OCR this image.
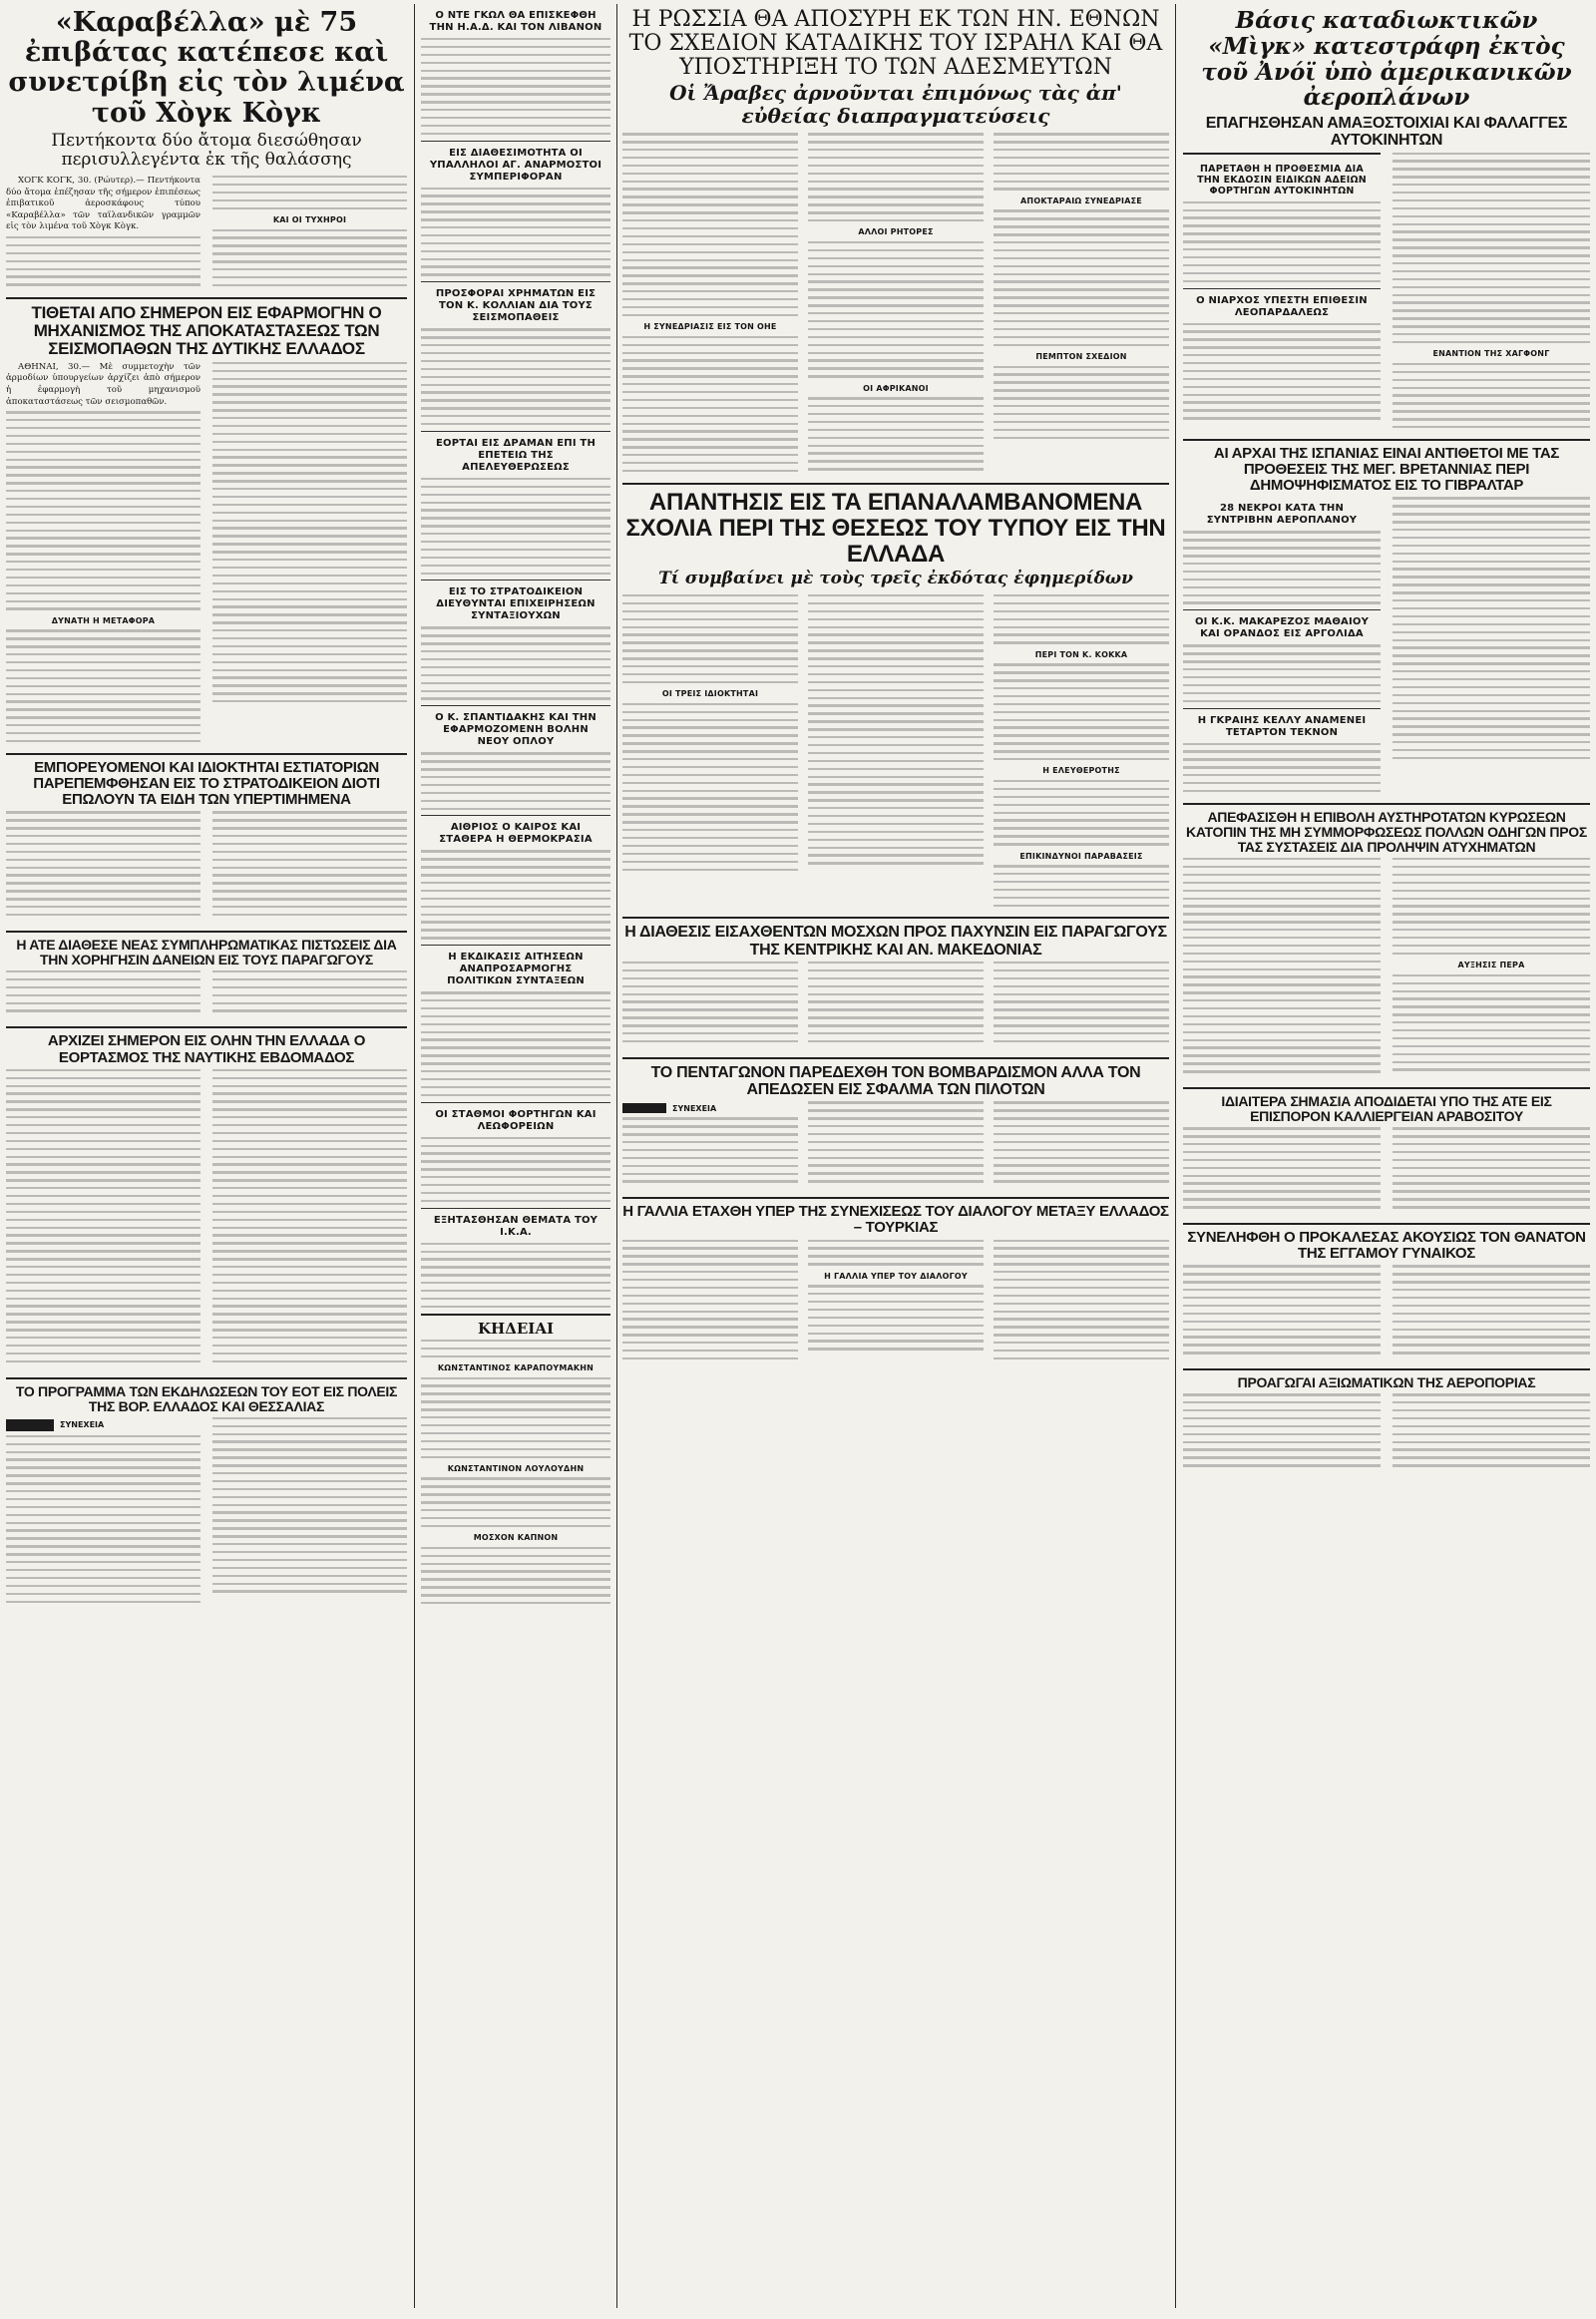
«Καραβέλλα» μὲ 75 ἐπιβάτας κατέπεσε καὶ συνετρίβη εἰς τὸν λιμένα τοῦ Χὸγκ Κὸγκ
Πεντήκοντα δύο ἄτομα διεσώθησαν περισυλλεγέντα ἐκ τῆς θαλάσσης

ΧΟΓΚ ΚΟΓΚ, 30. (Ρώυτερ).— Πεντήκοντα δύο ἄτομα ἐπέζησαν τῆς σήμερον ἐπιπέσεως ἐπιβατικοῦ ἀεροσκάφους τύπου «Καραβέλλα» τῶν ταϊλανδικῶν γραμμῶν εἰς τὸν λιμένα τοῦ Χὸγκ Κὸγκ.

ΚΑΙ ΟΙ ΤΥΧΗΡΟΙ
ΤΙΘΕΤΑΙ ΑΠΟ ΣΗΜΕΡΟΝ ΕΙΣ ΕΦΑΡΜΟΓΗΝ Ο ΜΗΧΑΝΙΣΜΟΣ ΤΗΣ ΑΠΟΚΑΤΑΣΤΑΣΕΩΣ ΤΩΝ ΣΕΙΣΜΟΠΑΘΩΝ ΤΗΣ ΔΥΤΙΚΗΣ ΕΛΛΑΔΟΣ

ΑΘΗΝΑΙ, 30.— Μὲ συμμετοχὴν τῶν ἁρμοδίων ὑπουργείων ἀρχίζει ἀπὸ σήμερον ἡ ἐφαρμογὴ τοῦ μηχανισμοῦ ἀποκαταστάσεως τῶν σεισμοπαθῶν.

ΔΥΝΑΤΗ Η ΜΕΤΑΦΟΡΑ
ΕΜΠΟΡΕΥΟΜΕΝΟΙ ΚΑΙ ΙΔΙΟΚΤΗΤΑΙ ΕΣΤΙΑΤΟΡΙΩΝ ΠΑΡΕΠΕΜΦΘΗΣΑΝ ΕΙΣ ΤΟ ΣΤΡΑΤΟΔΙΚΕΙΟΝ ΔΙΟΤΙ ΕΠΩΛΟΥΝ ΤΑ ΕΙΔΗ ΤΩΝ ΥΠΕΡΤΙΜΗΜΕΝΑ
Η ΑΤΕ ΔΙΑΘΕΣΕ ΝΕΑΣ ΣΥΜΠΛΗΡΩΜΑΤΙΚΑΣ ΠΙΣΤΩΣΕΙΣ ΔΙΑ ΤΗΝ ΧΟΡΗΓΗΣΙΝ ΔΑΝΕΙΩΝ ΕΙΣ ΤΟΥΣ ΠΑΡΑΓΩΓΟΥΣ
ΑΡΧΙΖΕΙ ΣΗΜΕΡΟΝ ΕΙΣ ΟΛΗΝ ΤΗΝ ΕΛΛΑΔΑ Ο ΕΟΡΤΑΣΜΟΣ ΤΗΣ ΝΑΥΤΙΚΗΣ ΕΒΔΟΜΑΔΟΣ
ΤΟ ΠΡΟΓΡΑΜΜΑ ΤΩΝ ΕΚΔΗΛΩΣΕΩΝ ΤΟΥ ΕΟΤ ΕΙΣ ΠΟΛΕΙΣ ΤΗΣ ΒΟΡ. ΕΛΛΑΔΟΣ ΚΑΙ ΘΕΣΣΑΛΙΑΣ
ΣΥΝΕΧΕΙΑ
Ο ΝΤΕ ΓΚΩΛ ΘΑ ΕΠΙΣΚΕΦΘΗ ΤΗΝ Η.Α.Δ. ΚΑΙ ΤΟΝ ΛΙΒΑΝΟΝ
ΕΙΣ ΔΙΑΘΕΣΙΜΟΤΗΤΑ ΟΙ ΥΠΑΛΛΗΛΟΙ ΑΓ. ΑΝΑΡΜΟΣΤΟΙ ΣΥΜΠΕΡΙΦΟΡΑΝ
ΠΡΟΣΦΟΡΑΙ ΧΡΗΜΑΤΩΝ ΕΙΣ ΤΟΝ Κ. ΚΟΛΛΙΑΝ ΔΙΑ ΤΟΥΣ ΣΕΙΣΜΟΠΑΘΕΙΣ
ΕΟΡΤΑΙ ΕΙΣ ΔΡΑΜΑΝ ΕΠΙ ΤΗ ΕΠΕΤΕΙΩ ΤΗΣ ΑΠΕΛΕΥΘΕΡΩΣΕΩΣ
ΕΙΣ ΤΟ ΣΤΡΑΤΟΔΙΚΕΙΟΝ ΔΙΕΥΘΥΝΤΑΙ ΕΠΙΧΕΙΡΗΣΕΩΝ ΣΥΝΤΑΞΙΟΥΧΩΝ
Ο Κ. ΣΠΑΝΤΙΔΑΚΗΣ ΚΑΙ ΤΗΝ ΕΦΑΡΜΟΖΟΜΕΝΗ ΒΟΛΗΝ ΝΕΟΥ ΟΠΛΟΥ
ΑΙΘΡΙΟΣ Ο ΚΑΙΡΟΣ ΚΑΙ ΣΤΑΘΕΡΑ Η ΘΕΡΜΟΚΡΑΣΙΑ
Η ΕΚΔΙΚΑΣΙΣ ΑΙΤΗΣΕΩΝ ΑΝΑΠΡΟΣΑΡΜΟΓΗΣ ΠΟΛΙΤΙΚΩΝ ΣΥΝΤΑΞΕΩΝ
ΟΙ ΣΤΑΘΜΟΙ ΦΟΡΤΗΓΩΝ ΚΑΙ ΛΕΩΦΟΡΕΙΩΝ
ΕΞΗΤΑΣΘΗΣΑΝ ΘΕΜΑΤΑ ΤΟΥ Ι.Κ.Α.
ΚΗΔΕΙΑΙ
ΚΩΝΣΤΑΝΤΙΝΟΣ ΚΑΡΑΠΟΥΜΑΚΗΝ
ΚΩΝΣΤΑΝΤΙΝΟΝ ΛΟΥΛΟΥΔΗΝ
ΜΟΣΧΟΝ ΚΑΠΝΟΝ
Η ΡΩΣΣΙΑ ΘΑ ΑΠΟΣΥΡΗ ΕΚ ΤΩΝ ΗΝ. ΕΘΝΩΝ ΤΟ ΣΧΕΔΙΟΝ ΚΑΤΑΔΙΚΗΣ ΤΟΥ ΙΣΡΑΗΛ ΚΑΙ ΘΑ ΥΠΟΣΤΗΡΙΞΗ ΤΟ ΤΩΝ ΑΔΕΣΜΕΥΤΩΝ
Οἱ Ἄραβες ἀρνοῦνται ἐπιμόνως τὰς ἀπ' εὐθείας διαπραγματεύσεις
Η ΣΥΝΕΔΡΙΑΣΙΣ ΕΙΣ ΤΟΝ ΟΗΕ
ΑΛΛΟΙ ΡΗΤΟΡΕΣ
ΟΙ ΑΦΡΙΚΑΝΟΙ
ΑΠΟΚΤΑΡΑΙΩ ΣΥΝΕΔΡΙΑΣΕ
ΠΕΜΠΤΟΝ ΣΧΕΔΙΟΝ
ΑΠΑΝΤΗΣΙΣ ΕΙΣ ΤΑ ΕΠΑΝΑΛΑΜΒΑΝΟΜΕΝΑ ΣΧΟΛΙΑ ΠΕΡΙ ΤΗΣ ΘΕΣΕΩΣ ΤΟΥ ΤΥΠΟΥ ΕΙΣ ΤΗΝ ΕΛΛΑΔΑ
Τί συμβαίνει μὲ τοὺς τρεῖς ἐκδότας ἐφημερίδων
ΟΙ ΤΡΕΙΣ ΙΔΙΟΚΤΗΤΑΙ
ΠΕΡΙ ΤΟΝ Κ. ΚΟΚΚΑ
Η ΕΛΕΥΘΕΡΟΤΗΣ
ΕΠΙΚΙΝΔΥΝΟΙ ΠΑΡΑΒΑΣΕΙΣ
Η ΔΙΑΘΕΣΙΣ ΕΙΣΑΧΘΕΝΤΩΝ ΜΟΣΧΩΝ ΠΡΟΣ ΠΑΧΥΝΣΙΝ ΕΙΣ ΠΑΡΑΓΩΓΟΥΣ ΤΗΣ ΚΕΝΤΡΙΚΗΣ ΚΑΙ ΑΝ. ΜΑΚΕΔΟΝΙΑΣ
ΤΟ ΠΕΝΤΑΓΩΝΟΝ ΠΑΡΕΔΕΧΘΗ ΤΟΝ ΒΟΜΒΑΡΔΙΣΜΟΝ ΑΛΛΑ ΤΟΝ ΑΠΕΔΩΣΕΝ ΕΙΣ ΣΦΑΛΜΑ ΤΩΝ ΠΙΛΟΤΩΝ
ΣΥΝΕΧΕΙΑ
Η ΓΑΛΛΙΑ ΕΤΑΧΘΗ ΥΠΕΡ ΤΗΣ ΣΥΝΕΧΙΣΕΩΣ ΤΟΥ ΔΙΑΛΟΓΟΥ ΜΕΤΑΞΥ ΕΛΛΑΔΟΣ – ΤΟΥΡΚΙΑΣ
Η ΓΑΛΛΙΑ ΥΠΕΡ ΤΟΥ ΔΙΑΛΟΓΟΥ
Βάσις καταδιωκτικῶν «Μὶγκ» κατεστράφη ἐκτὸς τοῦ Ἀνόϊ ὑπὸ ἀμερικανικῶν ἀεροπλάνων
ΕΠΑΓΗΣΘΗΣΑΝ ΑΜΑΞΟΣΤΟΙΧΙΑΙ ΚΑΙ ΦΑΛΑΓΓΕΣ ΑΥΤΟΚΙΝΗΤΩΝ
ΠΑΡΕΤΑΘΗ Η ΠΡΟΘΕΣΜΙΑ ΔΙΑ ΤΗΝ ΕΚΔΟΣΙΝ ΕΙΔΙΚΩΝ ΑΔΕΙΩΝ ΦΟΡΤΗΓΩΝ ΑΥΤΟΚΙΝΗΤΩΝ
Ο ΝΙΑΡΧΟΣ ΥΠΕΣΤΗ ΕΠΙΘΕΣΙΝ ΛΕΟΠΑΡΔΑΛΕΩΣ
ΕΝΑΝΤΙΟΝ ΤΗΣ ΧΑΓΦΟΝΓ
ΑΙ ΑΡΧΑΙ ΤΗΣ ΙΣΠΑΝΙΑΣ ΕΙΝΑΙ ΑΝΤΙΘΕΤΟΙ ΜΕ ΤΑΣ ΠΡΟΘΕΣΕΙΣ ΤΗΣ ΜΕΓ. ΒΡΕΤΑΝΝΙΑΣ ΠΕΡΙ ΔΗΜΟΨΗΦΙΣΜΑΤΟΣ ΕΙΣ ΤΟ ΓΙΒΡΑΛΤΑΡ
28 ΝΕΚΡΟΙ ΚΑΤΑ ΤΗΝ ΣΥΝΤΡΙΒΗΝ ΑΕΡΟΠΛΑΝΟΥ
ΟΙ Κ.Κ. ΜΑΚΑΡΕΖΟΣ ΜΑΘΑΙΟΥ ΚΑΙ ΟΡΑΝΔΟΣ ΕΙΣ ΑΡΓΟΛΙΔΑ
Η ΓΚΡΑΙΗΣ ΚΕΛΛΥ ΑΝΑΜΕΝΕΙ ΤΕΤΑΡΤΟΝ ΤΕΚΝΟΝ
ΑΠΕΦΑΣΙΣΘΗ Η ΕΠΙΒΟΛΗ ΑΥΣΤΗΡΟΤΑΤΩΝ ΚΥΡΩΣΕΩΝ ΚΑΤΟΠΙΝ ΤΗΣ ΜΗ ΣΥΜΜΟΡΦΩΣΕΩΣ ΠΟΛΛΩΝ ΟΔΗΓΩΝ ΠΡΟΣ ΤΑΣ ΣΥΣΤΑΣΕΙΣ ΔΙΑ ΠΡΟΛΗΨΙΝ ΑΤΥΧΗΜΑΤΩΝ
ΑΥΞΗΣΙΣ ΠΕΡΑ
ΙΔΙΑΙΤΕΡΑ ΣΗΜΑΣΙΑ ΑΠΟΔΙΔΕΤΑΙ ΥΠΟ ΤΗΣ ΑΤΕ ΕΙΣ ΕΠΙΣΠΟΡΟΝ ΚΑΛΛΙΕΡΓΕΙΑΝ ΑΡΑΒΟΣΙΤΟΥ
ΣΥΝΕΛΗΦΘΗ Ο ΠΡΟΚΑΛΕΣΑΣ ΑΚΟΥΣΙΩΣ ΤΟΝ ΘΑΝΑΤΟΝ ΤΗΣ ΕΓΓΑΜΟΥ ΓΥΝΑΙΚΟΣ
ΠΡΟΑΓΩΓΑΙ ΑΞΙΩΜΑΤΙΚΩΝ ΤΗΣ ΑΕΡΟΠΟΡΙΑΣ
